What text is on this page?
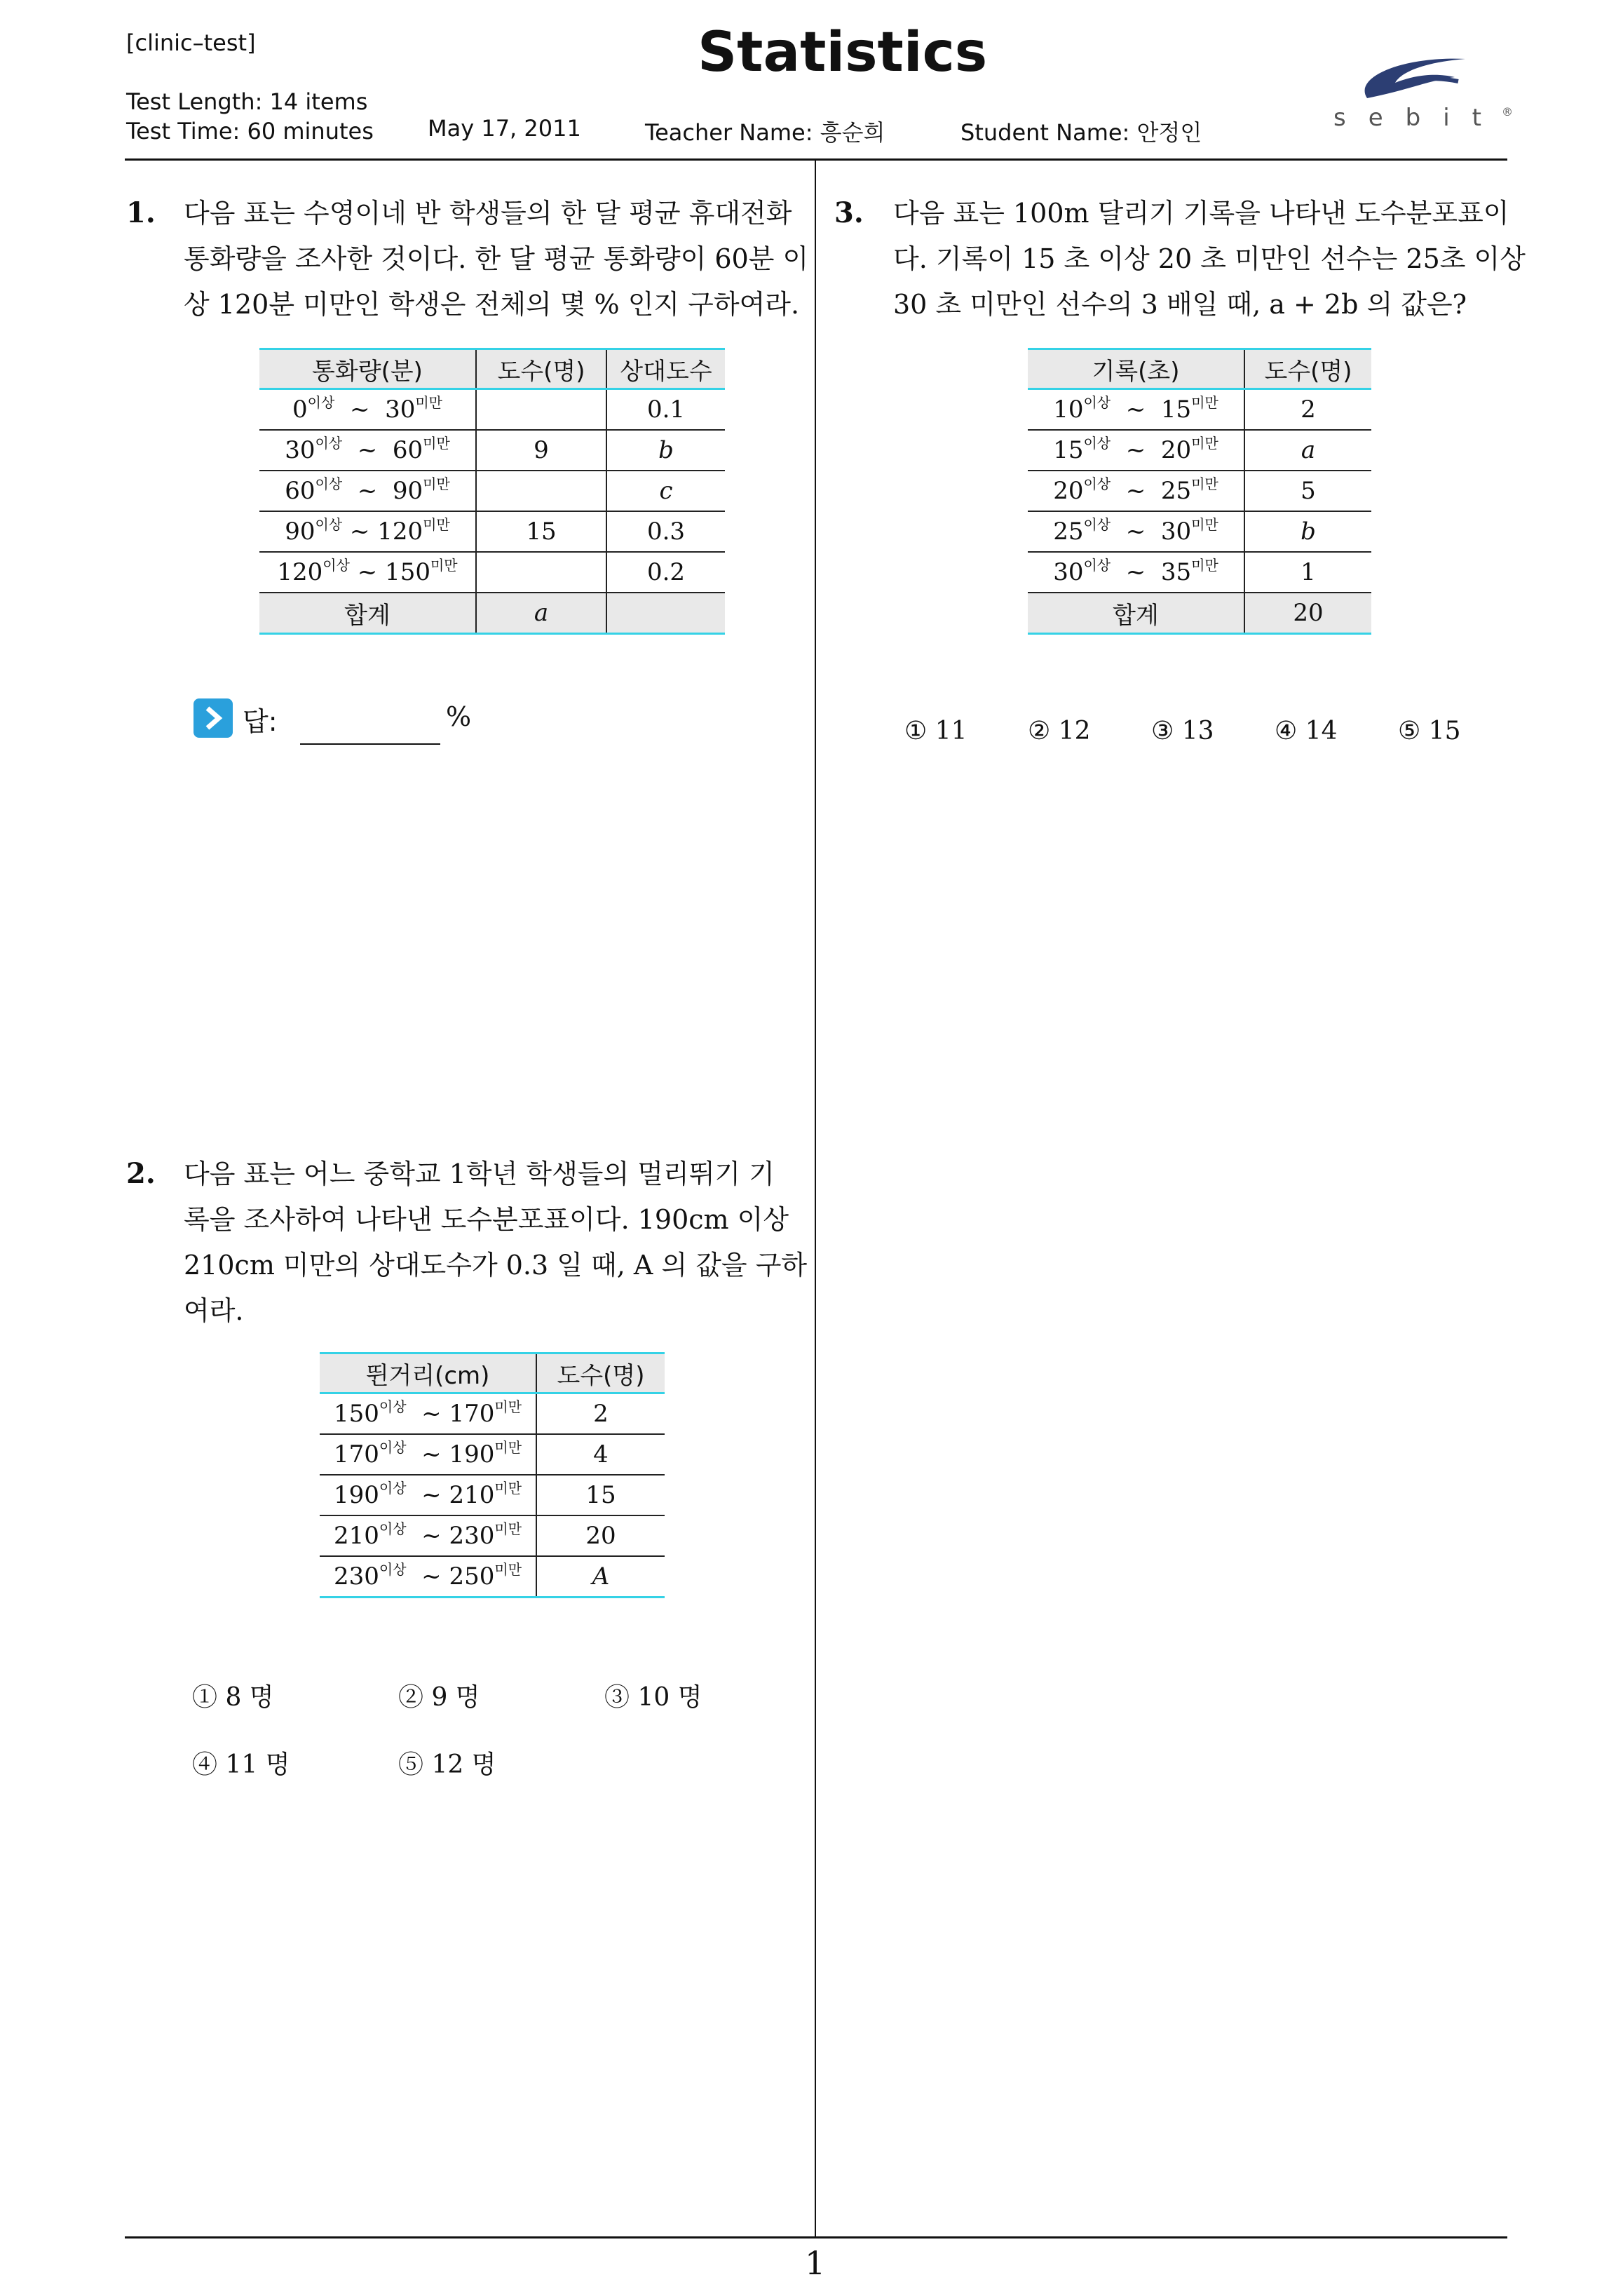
[clinic–test]	Statistics
Test Length: 14 items
Test Time: 60 minutes May 17, 2011	Teacher Name: 흥순희	Student Name: 안정인
sebit
®
1
1. 다음 표는 수영이네 반 학생들의 한 달 평균 휴대전화
통화량을 조사한 것이다. 한 달 평균 통화량이 60분 이
상 120분 미만인 학생은 전체의 몇 % 인지 구하여라.
통화량(분)	도수(명)	상대도수
$0^{이상}$ ~ $30^{미만}$		0.1
$30^{이상}$ ~ $60^{미만}$	9	b
$60^{이상}$ ~ $90^{미만}$		c
$90^{이상}$ ~ $120^{미만}$	15	0.3
$120^{이상}$ ~ $150^{미만}$		0.2
합계	a	
답:	%
2. 다음 표는 어느 중학교 1학년 학생들의 멀리뛰기 기
록을 조사하여 나타낸 도수분포표이다. 190cm 이상
210cm 미만의 상대도수가 0.3 일 때, A 의 값을 구하
여라.
뛴거리(cm)	도수(명)
$150^{이상}$ ~ $170^{미만}$	2
$170^{이상}$ ~ $190^{미만}$	4
$190^{이상}$ ~ $210^{미만}$	15
$210^{이상}$ ~ $230^{미만}$	20
$230^{이상}$ ~ $250^{미만}$	A
① 8 명	② 9 명	③ 10 명
④ 11 명	⑤ 12 명
3. 다음 표는 100m 달리기 기록을 나타낸 도수분포표이
다. 기록이 15 초 이상 20 초 미만인 선수는 25초 이상
30 초 미만인 선수의 3 배일 때, a + 2b 의 값은?
기록(초)	도수(명)
$10^{이상}$ ~ $15^{미만}$	2
$15^{이상}$ ~ $20^{미만}$	a
$20^{이상}$ ~ $25^{미만}$	5
$25^{이상}$ ~ $30^{미만}$	b
$30^{이상}$ ~ $35^{미만}$	1
합계	20
① 11 ② 12 ③ 13 ④ 14 ⑤ 15
